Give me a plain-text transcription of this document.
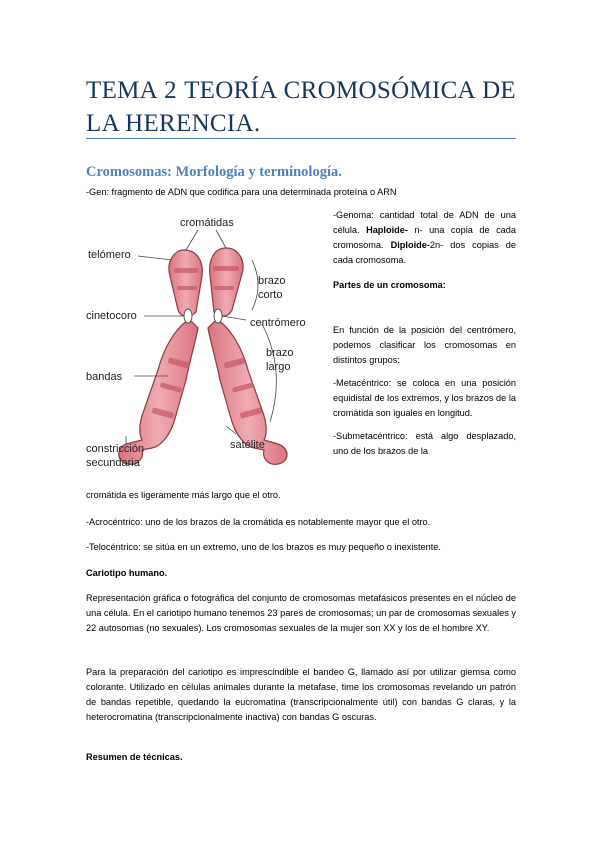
TEMA 2 TEORÍA CROMOSÓMICA DE
LA HERENCIA.
Cromosomas: Morfología y terminología.
-Gen: fragmento de ADN que codifica para una determinada proteína o ARN
cromátidas
telómero
brazo
corto
cinetocoro
centrómero
brazo
largo
bandas
satélite
constricción
secundaria

-Genoma: cantidad total de ADN de una célula. Haploide- n- una copia de cada cromosoma. Diploide-2n- dos copias de cada cromosoma.

Partes de un cromosoma:

En función de la posición del centrómero, podemos clasificar los cromosomas en distintos grupos:

-Metacéntrico: se coloca en una posición equidistal de los extremos, y los brazos de la cromátida son iguales en longitud.

-Submetacéntrico: está algo desplazado, uno de los brazos de la

cromátida es ligeramente más largo que el otro.
-Acrocéntrico: uno de los brazos de la cromátida es notablemente mayor que el otro.
-Telocéntrico: se sitúa en un extremo, uno de los brazos es muy pequeño o inexistente.
Cariotipo humano.
Representación gráfica o fotográfica del conjunto de cromosomas metafásicos presentes en el núcleo de una célula. En el cariotipo humano tenemos 23 pares de cromosomas; un par de cromosomas sexuales y 22 autosomas (no sexuales). Los cromosomas sexuales de la mujer son XX y los de el hombre XY.
Para la preparación del cariotipo es imprescindible el bandeo G, llamado así por utilizar giemsa como colorante. Utilizado en células animales durante la metafase, time los cromosomas revelando un patrón de bandas repetible, quedando la eucromatina (transcripcionalmente útil) con bandas G claras, y la heterocromatina (transcripcionalmente inactiva) con bandas G oscuras.
Resumen de técnicas.
